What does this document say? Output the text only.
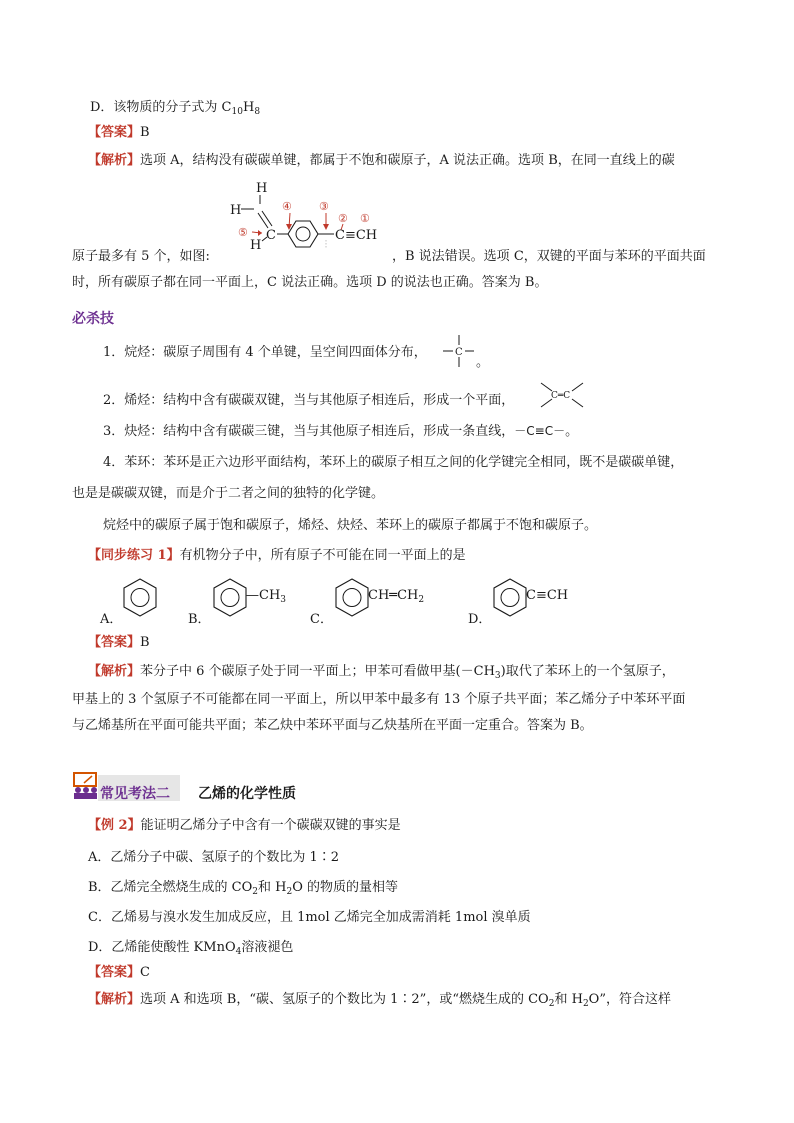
D．该物质的分子式为 $C_{10}H_8$
【答案】B
【解析】选项 A，结构没有碳碳单键，都属于不饱和碳原子，A 说法正确。选项 B，在同一直线上的碳
H
H
C
H
⑤
④ ③
② ①
C≡CH
原子最多有 5 个，如图:	，B 说法错误。选项 C，双键的平面与苯环的平面共面
时，所有碳原子都在同一平面上，C 说法正确。选项 D 的说法也正确。答案为 B。
必杀技
1．烷烃：碳原子周围有 4 个单键，呈空间四面体分布，	C
。
2．烯烃：结构中含有碳碳双键，当与其他原子相连后，形成一个平面，	C═C
3．炔烃：结构中含有碳碳三键，当与其他原子相连后，形成一条直线，－C≡C－。
4．苯环：苯环是正六边形平面结构，苯环上的碳原子相互之间的化学键完全相同，既不是碳碳单键，
也是是碳碳双键，而是介于二者之间的独特的化学键。
烷烃中的碳原子属于饱和碳原子，烯烃、炔烃、苯环上的碳原子都属于不饱和碳原子。
【同步练习 1】有机物分子中，所有原子不可能在同一平面上的是
A．	B．
$—CH_3$
C．
$CH═CH_2$
D．
C≡CH
【答案】B
【解析】苯分子中 6 个碳原子处于同一平面上；甲苯可看做甲基$(-CH_3)$取代了苯环上的一个氢原子，
甲基上的 3 个氢原子不可能都在同一平面上，所以甲苯中最多有 13 个原子共平面；苯乙烯分子中苯环平面
与乙烯基所在平面可能共平面；苯乙炔中苯环平面与乙炔基所在平面一定重合。答案为 B。
常见考法二 乙烯的化学性质
【例 2】能证明乙烯分子中含有一个碳碳双键的事实是
A．乙烯分子中碳、氢原子的个数比为 1∶2
B．乙烯完全燃烧生成的 $CO_2$和 $H_2O$ 的物质的量相等
C．乙烯易与溴水发生加成反应，且 1mol 乙烯完全加成需消耗 1mol 溴单质
D．乙烯能使酸性 KMnO$_4$溶液褪色
【答案】C
【解析】选项 A 和选项 B，“碳、氢原子的个数比为 1∶2”，或“燃烧生成的 $CO_2$和 $H_2O$”，符合这样
